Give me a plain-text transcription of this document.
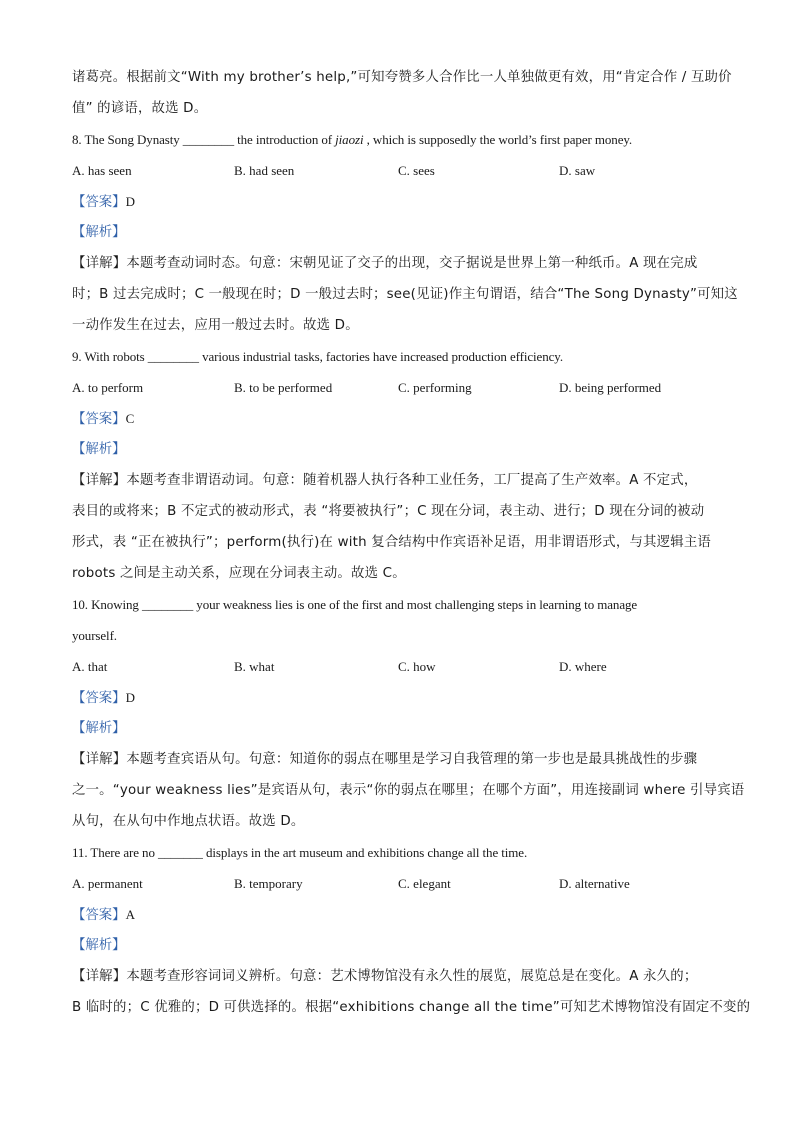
诸葛亮。根据前文“With my brother’s help,”可知夸赞多人合作比一人单独做更有效，用“肯定合作 / 互助价
值” 的谚语，故选 D。
8. The Song Dynasty ________ the introduction of jiaozi , which is supposedly the world’s first paper money.
A. has seen	B. had seen	C. sees	D. saw
【答案】D
【解析】
【详解】本题考查动词时态。句意：宋朝见证了交子的出现，交子据说是世界上第一种纸币。A 现在完成
时；B 过去完成时；C 一般现在时；D 一般过去时；see(见证)作主句谓语，结合“The Song Dynasty”可知这
一动作发生在过去，应用一般过去时。故选 D。
9. With robots ________ various industrial tasks, factories have increased production efficiency.
A. to perform	B. to be performed	C. performing	D. being performed
【答案】C
【解析】
【详解】本题考查非谓语动词。句意：随着机器人执行各种工业任务，工厂提高了生产效率。A 不定式，
表目的或将来；B 不定式的被动形式，表 “将要被执行”；C 现在分词，表主动、进行；D 现在分词的被动
形式，表 “正在被执行”；perform(执行)在 with 复合结构中作宾语补足语，用非谓语形式，与其逻辑主语
robots 之间是主动关系，应现在分词表主动。故选 C。
10. Knowing ________ your weakness lies is one of the first and most challenging steps in learning to manage
yourself.
A. that	B. what	C. how	D. where
【答案】D
【解析】
【详解】本题考查宾语从句。句意：知道你的弱点在哪里是学习自我管理的第一步也是最具挑战性的步骤
之一。“your weakness lies”是宾语从句，表示“你的弱点在哪里；在哪个方面”，用连接副词 where 引导宾语
从句，在从句中作地点状语。故选 D。
11. There are no _______ displays in the art museum and exhibitions change all the time.
A. permanent	B. temporary	C. elegant	D. alternative
【答案】A
【解析】
【详解】本题考查形容词词义辨析。句意：艺术博物馆没有永久性的展览，展览总是在变化。A 永久的；
B 临时的；C 优雅的；D 可供选择的。根据“exhibitions change all the time”可知艺术博物馆没有固定不变的
